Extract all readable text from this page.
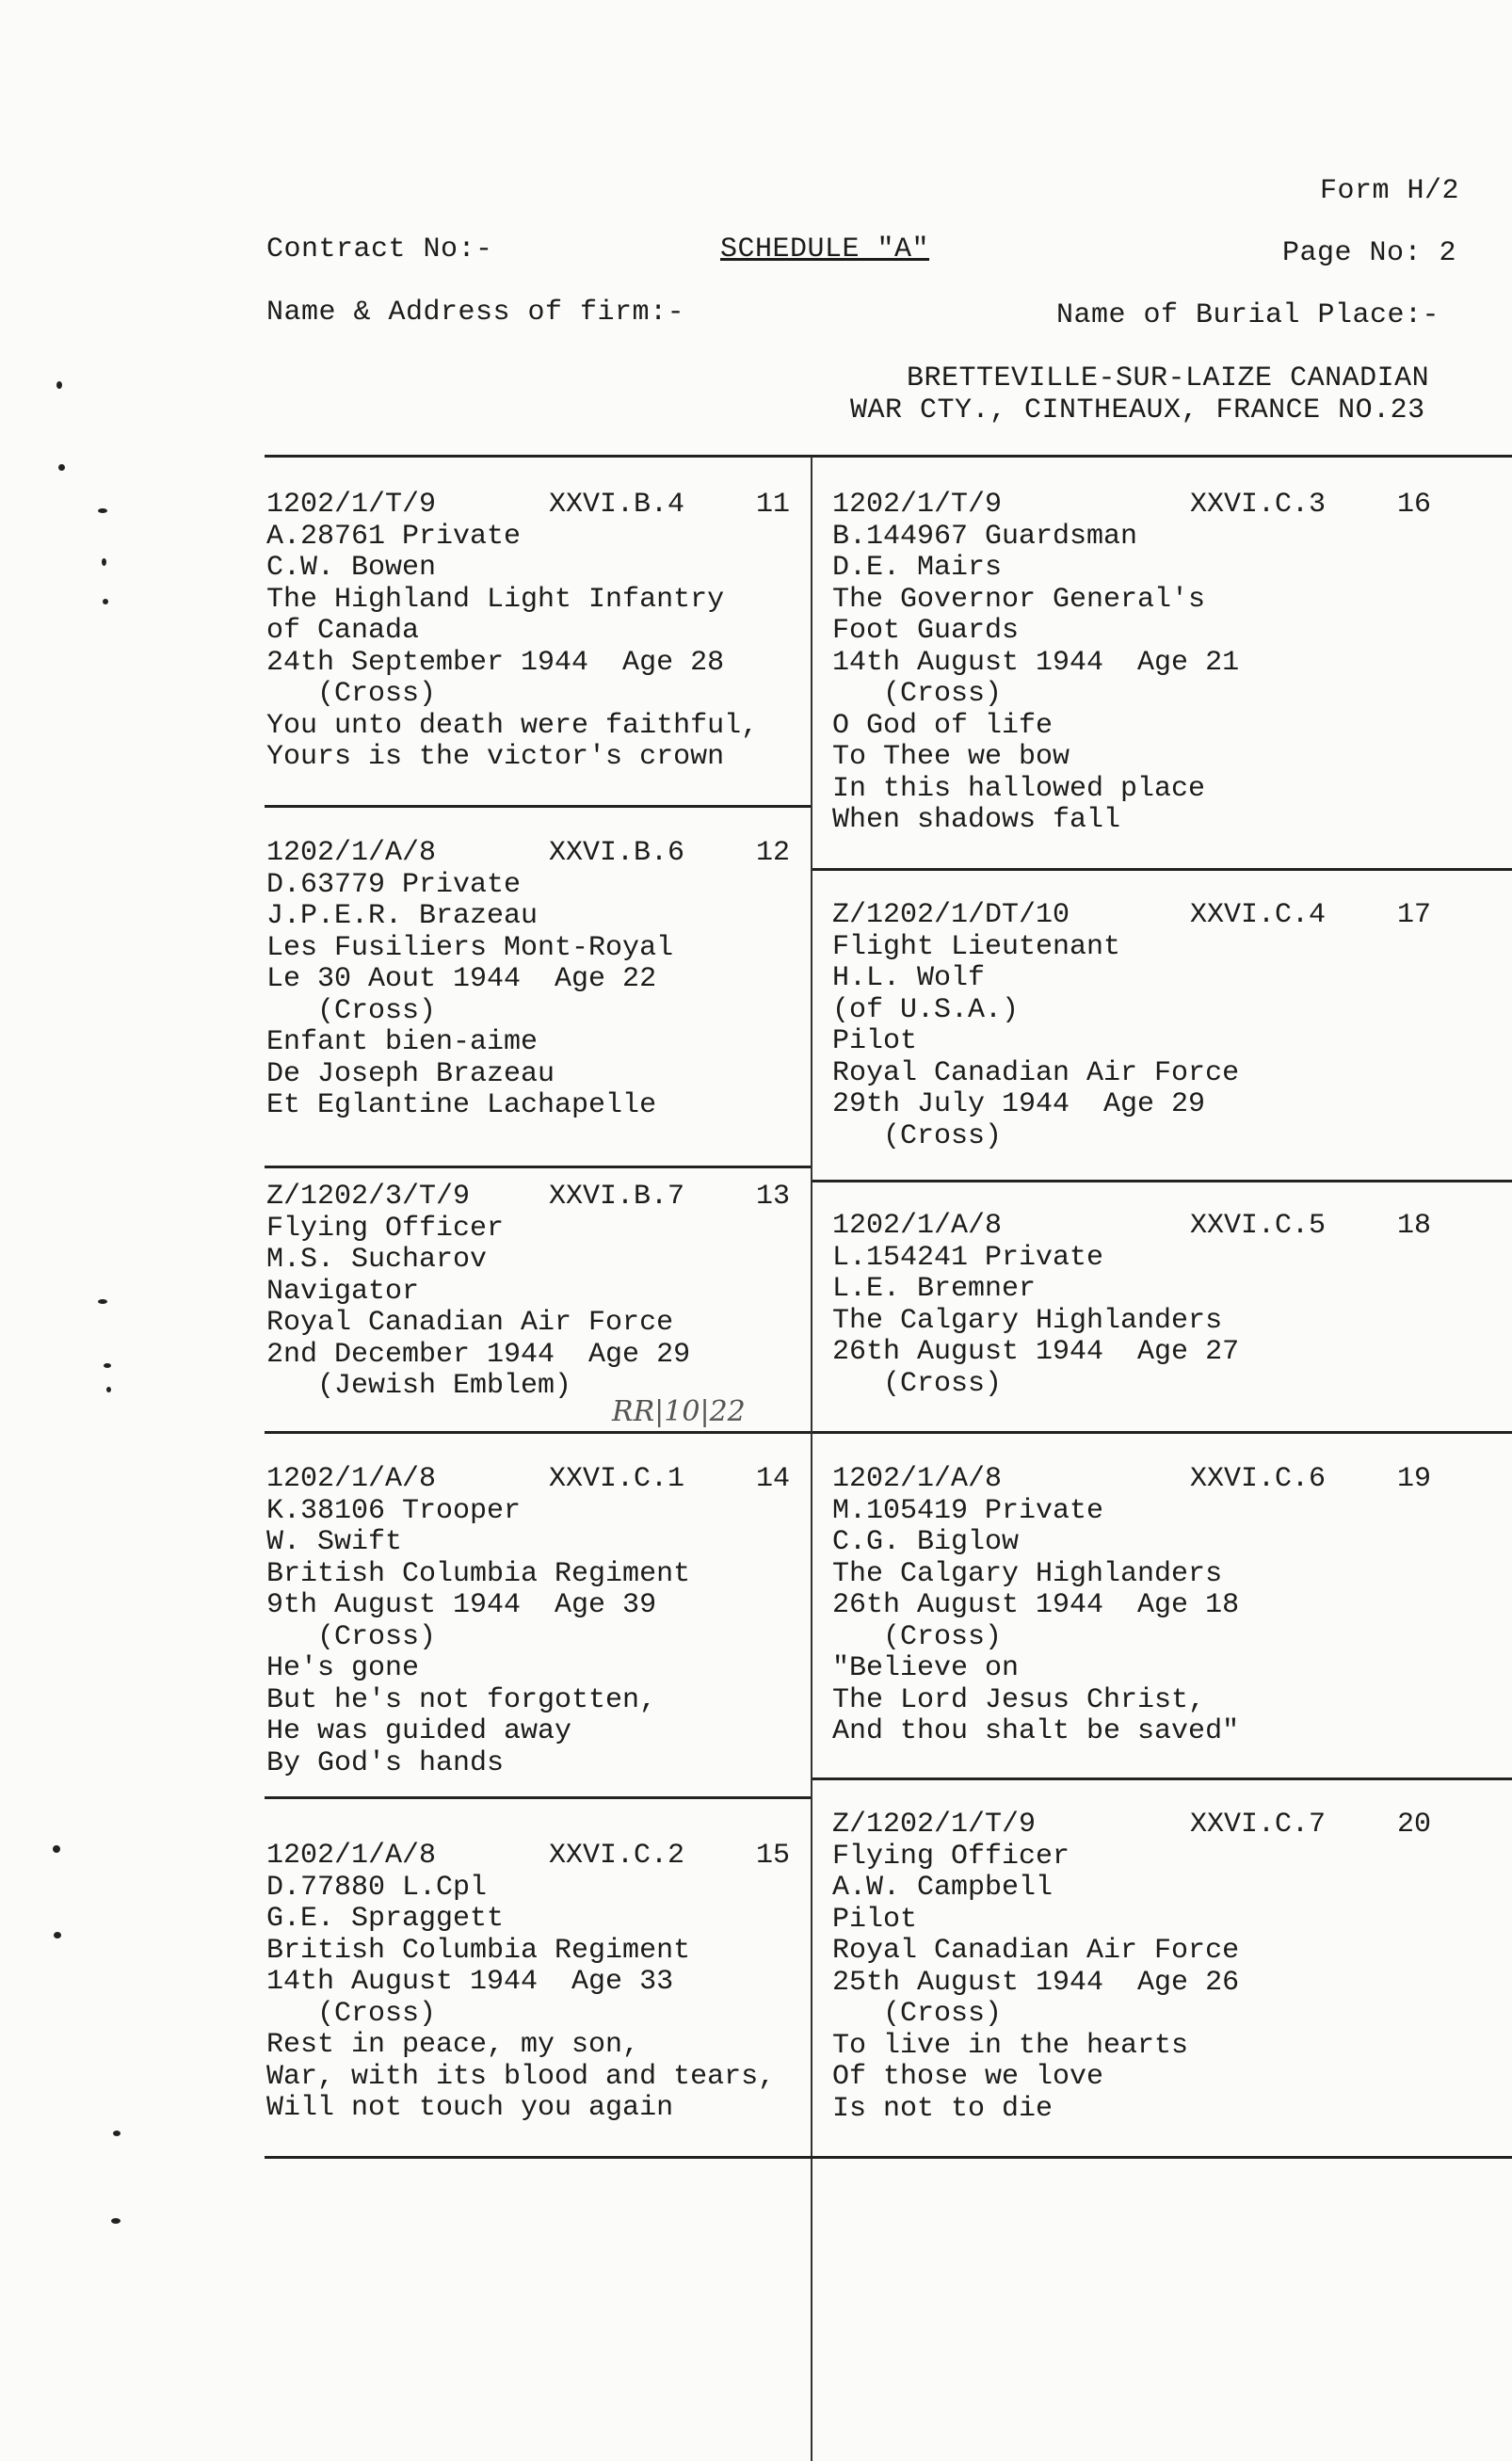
Form H/2
Contract No:-	SCHEDULE "A"	Page No: 2
Name & Address of firm:-	Name of Burial Place:-
BRETTEVILLE-SUR-LAIZE CANADIAN
WAR CTY., CINTHEAUX, FRANCE NO.23
1202/1/T/9	XXVI.B.4	11
A.28761 Private
C.W. Bowen
The Highland Light Infantry
of Canada
24th September 1944  Age 28
(Cross)
You unto death were faithful,
Yours is the victor's crown
1202/1/A/8	XXVI.B.6	12
D.63779 Private
J.P.E.R. Brazeau
Les Fusiliers Mont-Royal
Le 30 Aout 1944  Age 22
(Cross)
Enfant bien-aime
De Joseph Brazeau
Et Eglantine Lachapelle
Z/1202/3/T/9	XXVI.B.7	13
Flying Officer
M.S. Sucharov
Navigator
Royal Canadian Air Force
2nd December 1944  Age 29
(Jewish Emblem)
1202/1/A/8	XXVI.C.1	14
K.38106 Trooper
W. Swift
British Columbia Regiment
9th August 1944  Age 39
(Cross)
He's gone
But he's not forgotten,
He was guided away
By God's hands
1202/1/A/8	XXVI.C.2	15
D.77880 L.Cpl
G.E. Spraggett
British Columbia Regiment
14th August 1944  Age 33
(Cross)
Rest in peace, my son,
War, with its blood and tears,
Will not touch you again
1202/1/T/9	XXVI.C.3	16
B.144967 Guardsman
D.E. Mairs
The Governor General's
Foot Guards
14th August 1944  Age 21
(Cross)
O God of life
To Thee we bow
In this hallowed place
When shadows fall
Z/1202/1/DT/10	XXVI.C.4	17
Flight Lieutenant
H.L. Wolf
(of U.S.A.)
Pilot
Royal Canadian Air Force
29th July 1944  Age 29
(Cross)
1202/1/A/8	XXVI.C.5	18
L.154241 Private
L.E. Bremner
The Calgary Highlanders
26th August 1944  Age 27
(Cross)
1202/1/A/8	XXVI.C.6	19
M.105419 Private
C.G. Biglow
The Calgary Highlanders
26th August 1944  Age 18
(Cross)
"Believe on
The Lord Jesus Christ,
And thou shalt be saved"
Z/1202/1/T/9	XXVI.C.7	20
Flying Officer
A.W. Campbell
Pilot
Royal Canadian Air Force
25th August 1944  Age 26
(Cross)
To live in the hearts
Of those we love
Is not to die
RR|10|22
